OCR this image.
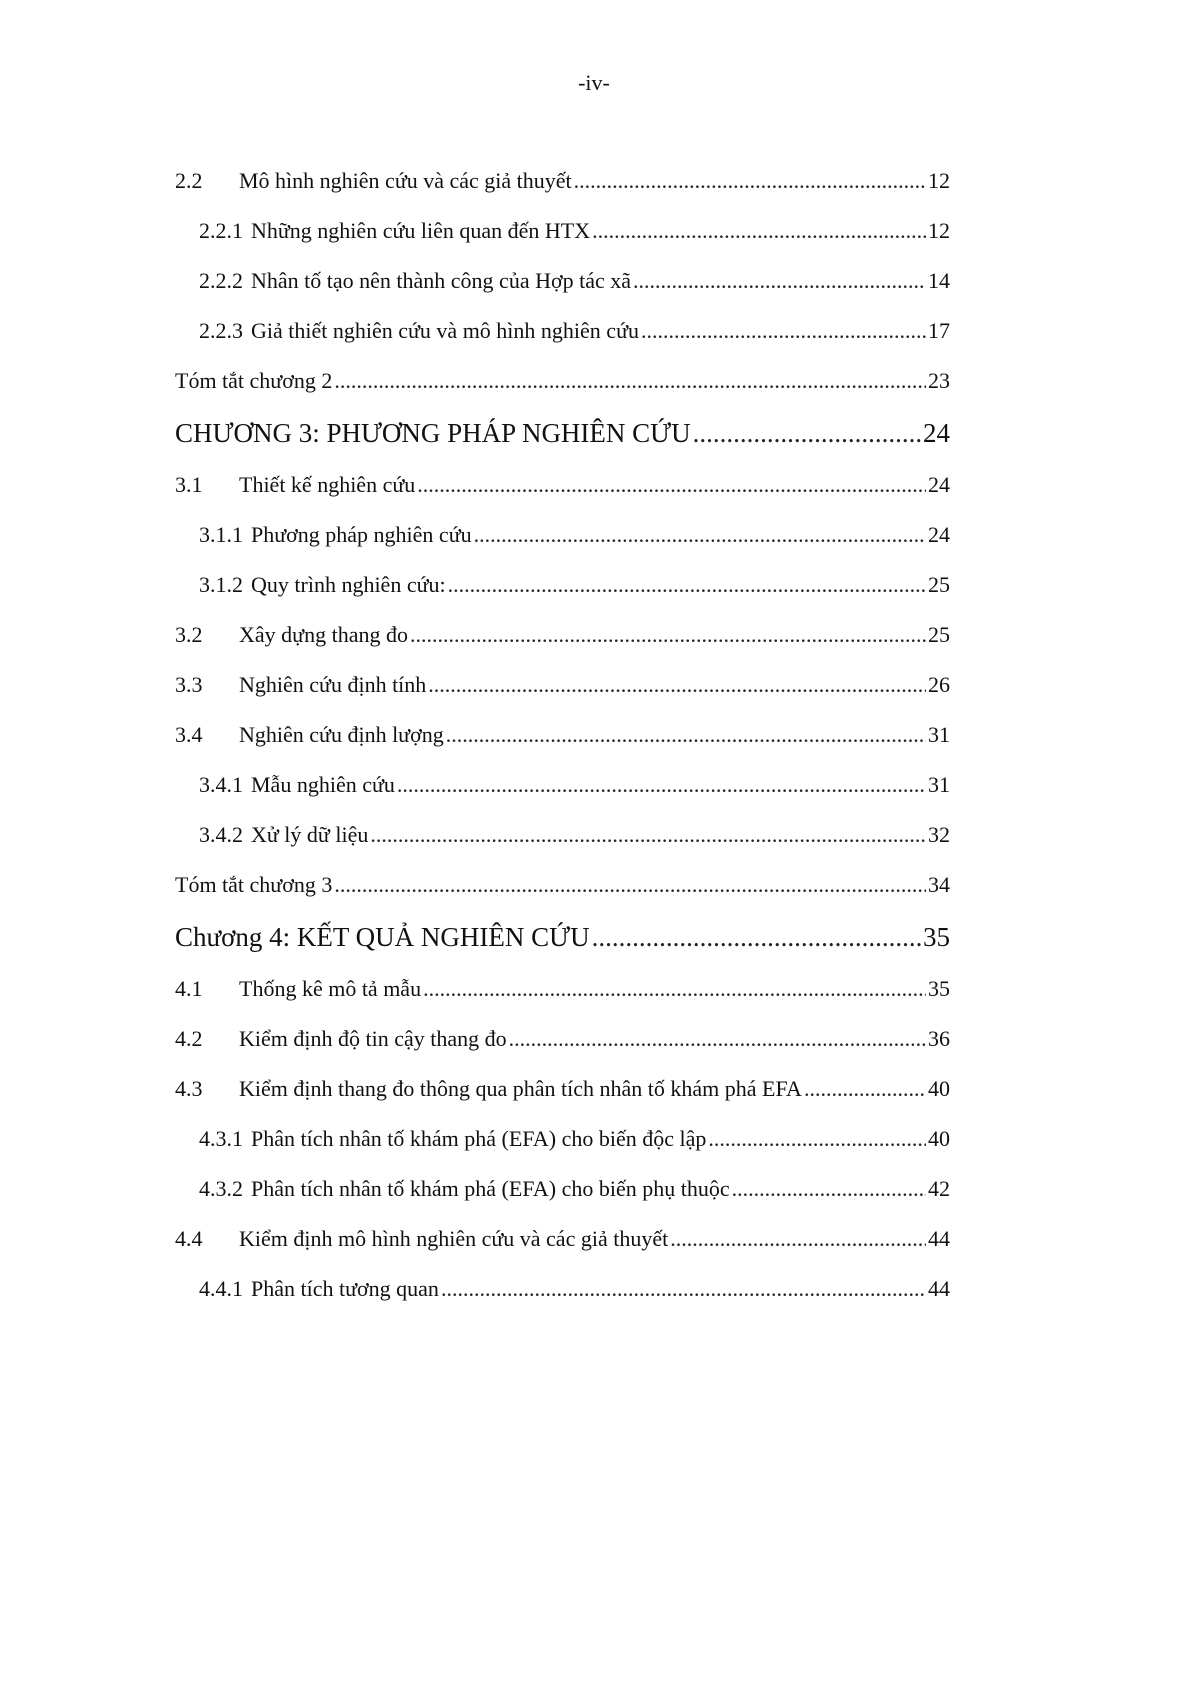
-iv-
2.2	Mô hình nghiên cứu và các giả thuyết .....	12
2.2.1 Những nghiên cứu liên quan đến HTX .....	12
2.2.2 Nhân tố tạo nên thành công của Hợp tác xã .....	14
2.2.3 Giả thiết nghiên cứu và mô hình nghiên cứu .....	17
Tóm tắt chương 2 .....	23
CHƯƠNG 3: PHƯƠNG PHÁP NGHIÊN CỨU .....	24
3.1	Thiết kế nghiên cứu .....	24
3.1.1 Phương pháp nghiên cứu .....	24
3.1.2 Quy trình nghiên cứu: .....	25
3.2	Xây dựng thang đo .....	25
3.3	Nghiên cứu định tính .....	26
3.4	Nghiên cứu định lượng .....	31
3.4.1 Mẫu nghiên cứu .....	31
3.4.2 Xử lý dữ liệu .....	32
Tóm tắt chương 3 .....	34
Chương 4: KẾT QUẢ NGHIÊN CỨU .....	35
4.1	Thống kê mô tả mẫu .....	35
4.2	Kiểm định độ tin cậy thang đo .....	36
4.3	Kiểm định thang đo thông qua phân tích nhân tố khám phá EFA .....	40
4.3.1 Phân tích nhân tố khám phá (EFA) cho biến độc lập .....	40
4.3.2 Phân tích nhân tố khám phá (EFA) cho biến phụ thuộc .....	42
4.4	Kiểm định mô hình nghiên cứu và các giả thuyết .....	44
4.4.1 Phân tích tương quan .....	44
